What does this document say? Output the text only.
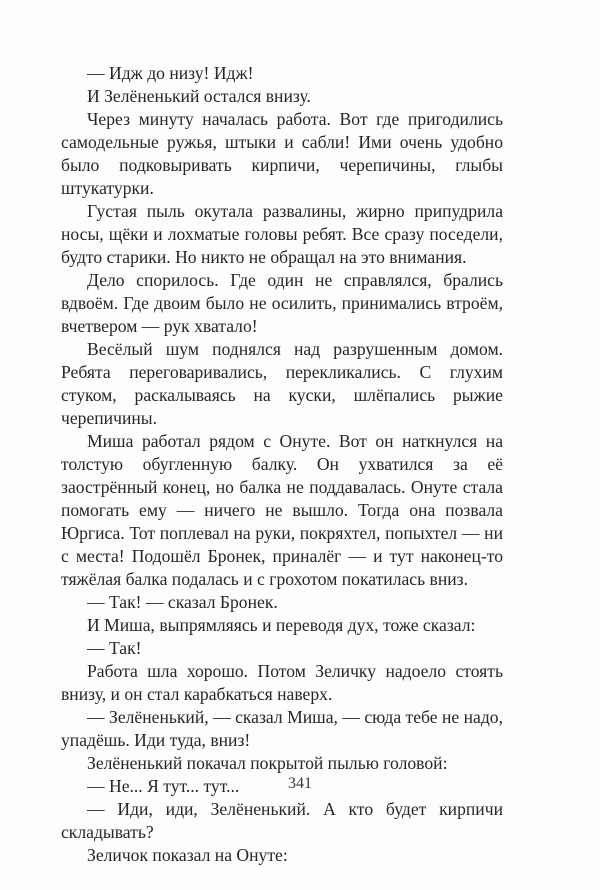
— Идж до низу! Идж!

И Зелёненький остался внизу.

Через минуту началась работа. Вот где пригодились самодельные ружья, штыки и сабли! Ими очень удобно было подковыривать кирпичи, черепичины, глыбы штукатурки.

Густая пыль окутала развалины, жирно припудрила носы, щёки и лохматые головы ребят. Все сразу поседели, будто старики. Но никто не обращал на это внимания.

Дело спорилось. Где один не справлялся, брались вдвоём. Где двоим было не осилить, принимались втроём, вчетвером — рук хватало!

Весёлый шум поднялся над разрушенным домом. Ребята переговаривались, перекликались. С глухим стуком, раскалываясь на куски, шлёпались рыжие черепичины.

Миша работал рядом с Онуте. Вот он наткнулся на толстую обугленную балку. Он ухватился за её заострённый конец, но балка не поддавалась. Онуте стала помогать ему — ничего не вышло. Тогда она позвала Юргиса. Тот поплевал на руки, покряхтел, попыхтел — ни с места! Подошёл Бронек, приналёг — и тут наконец-то тяжёлая балка подалась и с грохотом покатилась вниз.

— Так! — сказал Бронек.

И Миша, выпрямляясь и переводя дух, тоже сказал:

— Так!

Работа шла хорошо. Потом Зеличку надоело стоять внизу, и он стал карабкаться наверх.

— Зелёненький, — сказал Миша, — сюда тебе не надо, упадёшь. Иди туда, вниз!

Зелёненький покачал покрытой пылью головой:

— Не... Я тут... тут...

— Иди, иди, Зелёненький. А кто будет кирпичи складывать?

Зеличок показал на Онуте:

341
